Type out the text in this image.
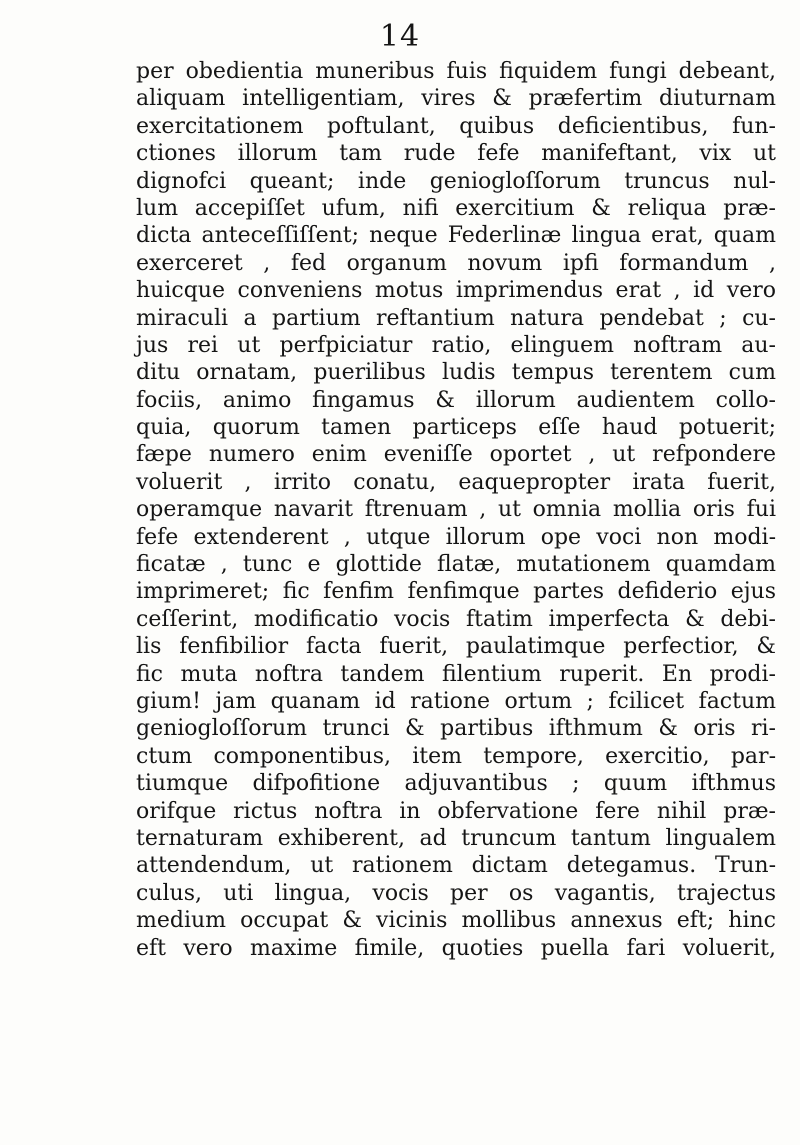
14
per obedientia muneribus fuis fiquidem fungi debeant,
aliquam intelligentiam, vires & præfertim diuturnam
exercitationem poftulant, quibus deficientibus, fun-
ctiones illorum tam rude fefe manifeftant, vix ut
dignofci queant; inde geniogloſſorum truncus nul-
lum accepiſſet ufum, nifi exercitium & reliqua præ-
dicta anteceſſiſſent; neque Federlinæ lingua erat, quam
exerceret , fed organum novum ipfi formandum ,
huicque conveniens motus imprimendus erat , id vero
miraculi a partium reftantium natura pendebat ; cu-
jus rei ut perfpiciatur ratio, elinguem noftram au-
ditu ornatam, puerilibus ludis tempus terentem cum
fociis, animo fingamus & illorum audientem collo-
quia, quorum tamen particeps eſſe haud potuerit;
fæpe numero enim eveniſſe oportet , ut refpondere
voluerit , irrito conatu, eaquepropter irata fuerit,
operamque navarit ftrenuam , ut omnia mollia oris fui
fefe extenderent , utque illorum ope voci non modi-
ficatæ , tunc e glottide flatæ, mutationem quamdam
imprimeret; fic fenfim fenfimque partes defiderio ejus
ceſſerint, modificatio vocis ftatim imperfecta & debi-
lis fenfibilior facta fuerit, paulatimque perfectior, &
fic muta noftra tandem filentium ruperit. En prodi-
gium! jam quanam id ratione ortum ; fcilicet factum
geniogloſſorum trunci & partibus ifthmum & oris ri-
ctum componentibus, item tempore, exercitio, par-
tiumque difpofitione adjuvantibus ; quum ifthmus
orifque rictus noftra in obfervatione fere nihil præ-
ternaturam exhiberent, ad truncum tantum lingualem
attendendum, ut rationem dictam detegamus. Trun-
culus, uti lingua, vocis per os vagantis, trajectus
medium occupat & vicinis mollibus annexus eft; hinc
eft vero maxime fimile, quoties puella fari voluerit,
